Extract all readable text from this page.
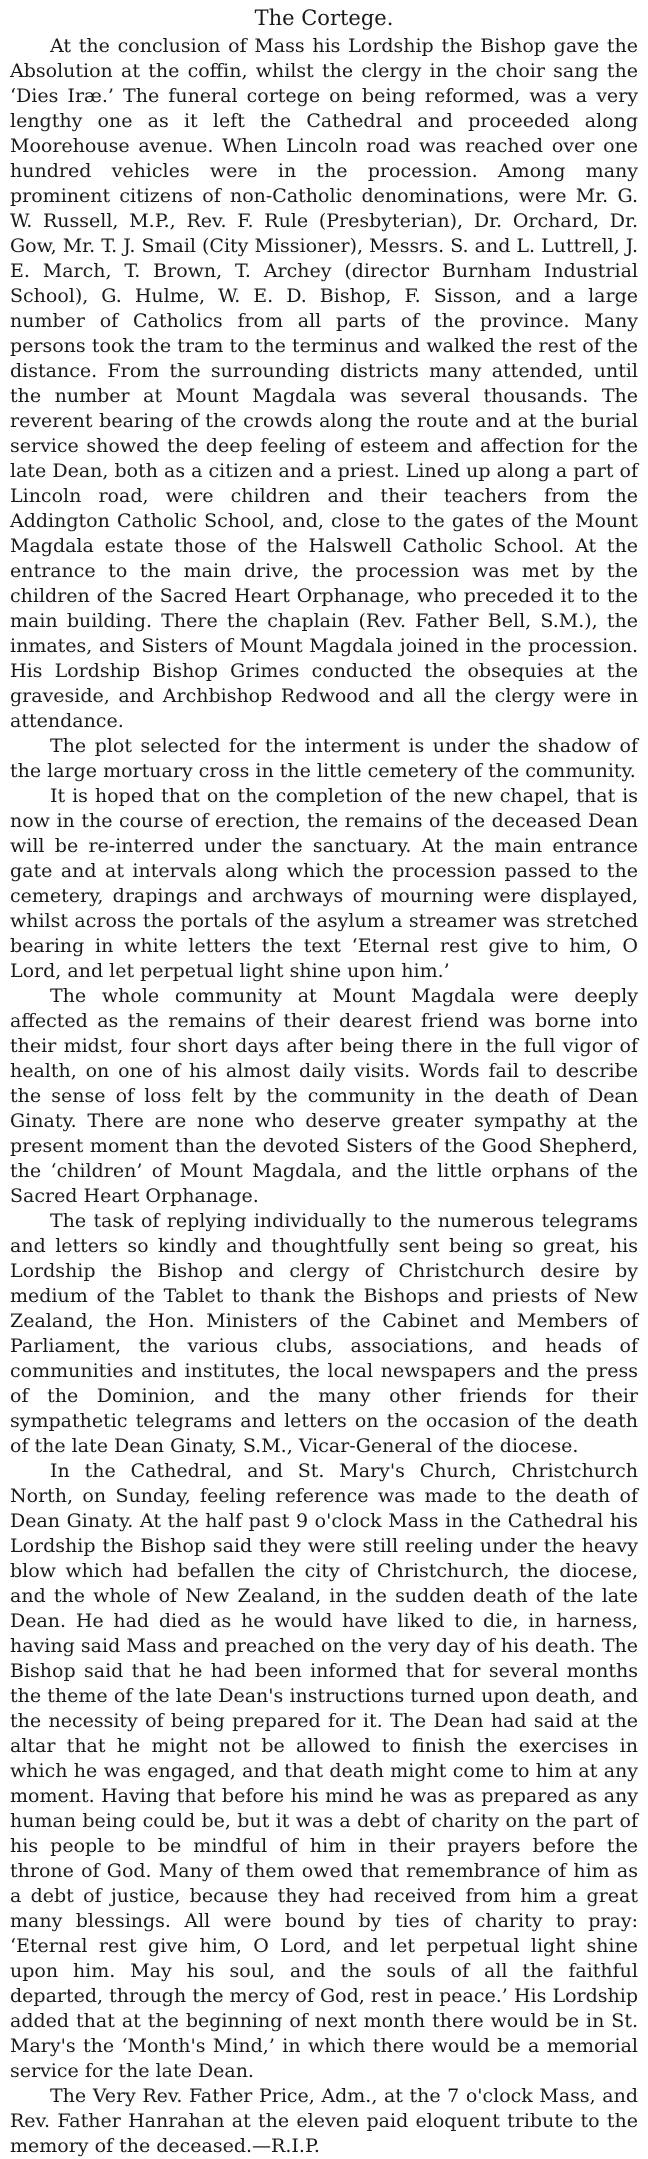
The Cortege.

At the conclusion of Mass his Lordship the Bishop gave the Absolution at the coffin, whilst the clergy in the choir sang the ‘Dies Iræ.’ The funeral cortege on being reformed, was a very lengthy one as it left the Cathedral and proceeded along Moorehouse avenue. When Lincoln road was reached over one hundred vehicles were in the procession. Among many prominent citizens of non-Catholic denominations, were Mr. G. W. Russell, M.P., Rev. F. Rule (Presbyterian), Dr. Orchard, Dr. Gow, Mr. T. J. Smail (City Missioner), Messrs. S. and L. Luttrell, J. E. March, T. Brown, T. Archey (director Burnham Industrial School), G. Hulme, W. E. D. Bishop, F. Sisson, and a large number of Catholics from all parts of the province. Many persons took the tram to the terminus and walked the rest of the distance. From the surrounding districts many attended, until the number at Mount Magdala was several thousands. The reverent bearing of the crowds along the route and at the burial service showed the deep feeling of esteem and affection for the late Dean, both as a citizen and a priest. Lined up along a part of Lincoln road, were children and their teachers from the Addington Catholic School, and, close to the gates of the Mount Magdala estate those of the Halswell Catholic School. At the entrance to the main drive, the procession was met by the children of the Sacred Heart Orphanage, who preceded it to the main building. There the chaplain (Rev. Father Bell, S.M.), the inmates, and Sisters of Mount Magdala joined in the procession. His Lordship Bishop Grimes conducted the obsequies at the graveside, and Archbishop Redwood and all the clergy were in attendance.

The plot selected for the interment is under the shadow of the large mortuary cross in the little cemetery of the community.

It is hoped that on the completion of the new chapel, that is now in the course of erection, the remains of the deceased Dean will be re-interred under the sanctuary. At the main entrance gate and at intervals along which the procession passed to the cemetery, drapings and archways of mourning were displayed, whilst across the portals of the asylum a streamer was stretched bearing in white letters the text ‘Eternal rest give to him, O Lord, and let perpetual light shine upon him.’

The whole community at Mount Magdala were deeply affected as the remains of their dearest friend was borne into their midst, four short days after being there in the full vigor of health, on one of his almost daily visits. Words fail to describe the sense of loss felt by the community in the death of Dean Ginaty. There are none who deserve greater sympathy at the present moment than the devoted Sisters of the Good Shepherd, the ‘children’ of Mount Magdala, and the little orphans of the Sacred Heart Orphanage.

The task of replying individually to the numerous telegrams and letters so kindly and thoughtfully sent being so great, his Lordship the Bishop and clergy of Christchurch desire by medium of the Tablet to thank the Bishops and priests of New Zealand, the Hon. Ministers of the Cabinet and Members of Parliament, the various clubs, associations, and heads of communities and institutes, the local newspapers and the press of the Dominion, and the many other friends for their sympathetic telegrams and letters on the occasion of the death of the late Dean Ginaty, S.M., Vicar-General of the diocese.

In the Cathedral, and St. Mary's Church, Christchurch North, on Sunday, feeling reference was made to the death of Dean Ginaty. At the half past 9 o'clock Mass in the Cathedral his Lordship the Bishop said they were still reeling under the heavy blow which had befallen the city of Christchurch, the diocese, and the whole of New Zealand, in the sudden death of the late Dean. He had died as he would have liked to die, in harness, having said Mass and preached on the very day of his death. The Bishop said that he had been informed that for several months the theme of the late Dean's instructions turned upon death, and the necessity of being prepared for it. The Dean had said at the altar that he might not be allowed to finish the exercises in which he was engaged, and that death might come to him at any moment. Having that before his mind he was as prepared as any human being could be, but it was a debt of charity on the part of his people to be mindful of him in their prayers before the throne of God. Many of them owed that remembrance of him as a debt of justice, because they had received from him a great many blessings. All were bound by ties of charity to pray: ‘Eternal rest give him, O Lord, and let perpetual light shine upon him. May his soul, and the souls of all the faithful departed, through the mercy of God, rest in peace.’ His Lordship added that at the beginning of next month there would be in St. Mary's the ‘Month's Mind,’ in which there would be a memorial service for the late Dean.

The Very Rev. Father Price, Adm., at the 7 o'clock Mass, and Rev. Father Hanrahan at the eleven paid eloquent tribute to the memory of the deceased.—R.I.P.
